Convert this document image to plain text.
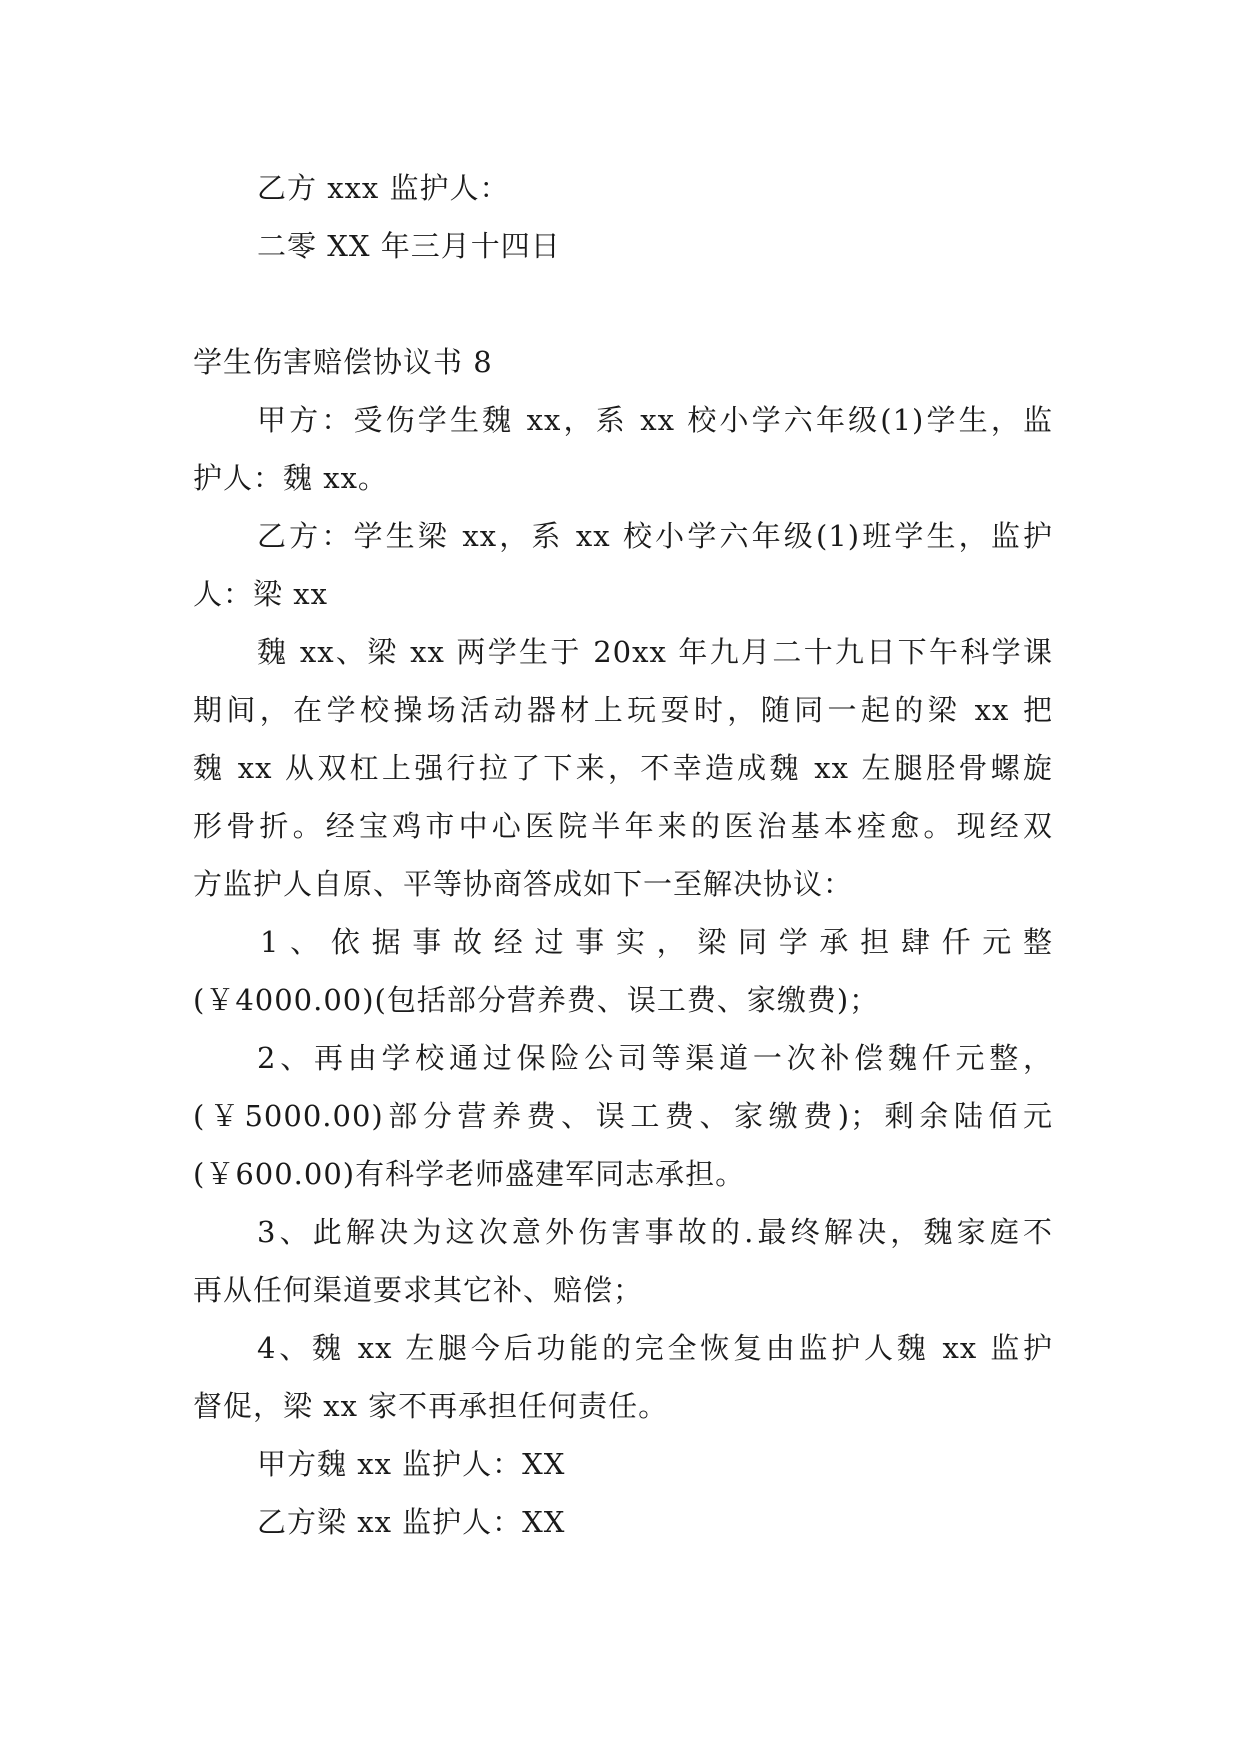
乙方 xxx 监护人：
二零 XX 年三月十四日
学生伤害赔偿协议书 8
甲方：受伤学生魏 xx，系 xx 校小学六年级(1)学生，监
护人：魏 xx。
乙方：学生梁 xx，系 xx 校小学六年级(1)班学生，监护
人：梁 xx
魏 xx、梁 xx 两学生于 20xx 年九月二十九日下午科学课
期间，在学校操场活动器材上玩耍时，随同一起的梁 xx 把
魏 xx 从双杠上强行拉了下来，不幸造成魏 xx 左腿胫骨螺旋
形骨折。经宝鸡市中心医院半年来的医治基本痊愈。现经双
方监护人自原、平等协商答成如下一至解决协议：
1、依据事故经过事实，梁同学承担肆仟元整
(￥4000.00)(包括部分营养费、误工费、家缴费)；
2、再由学校通过保险公司等渠道一次补偿魏仟元整，
(￥5000.00)部分营养费、误工费、家缴费)；剩余陆佰元
(￥600.00)有科学老师盛建军同志承担。
3、此解决为这次意外伤害事故的.最终解决，魏家庭不
再从任何渠道要求其它补、赔偿；
4、魏 xx 左腿今后功能的完全恢复由监护人魏 xx 监护
督促，梁 xx 家不再承担任何责任。
甲方魏 xx 监护人：XX
乙方梁 xx 监护人：XX
